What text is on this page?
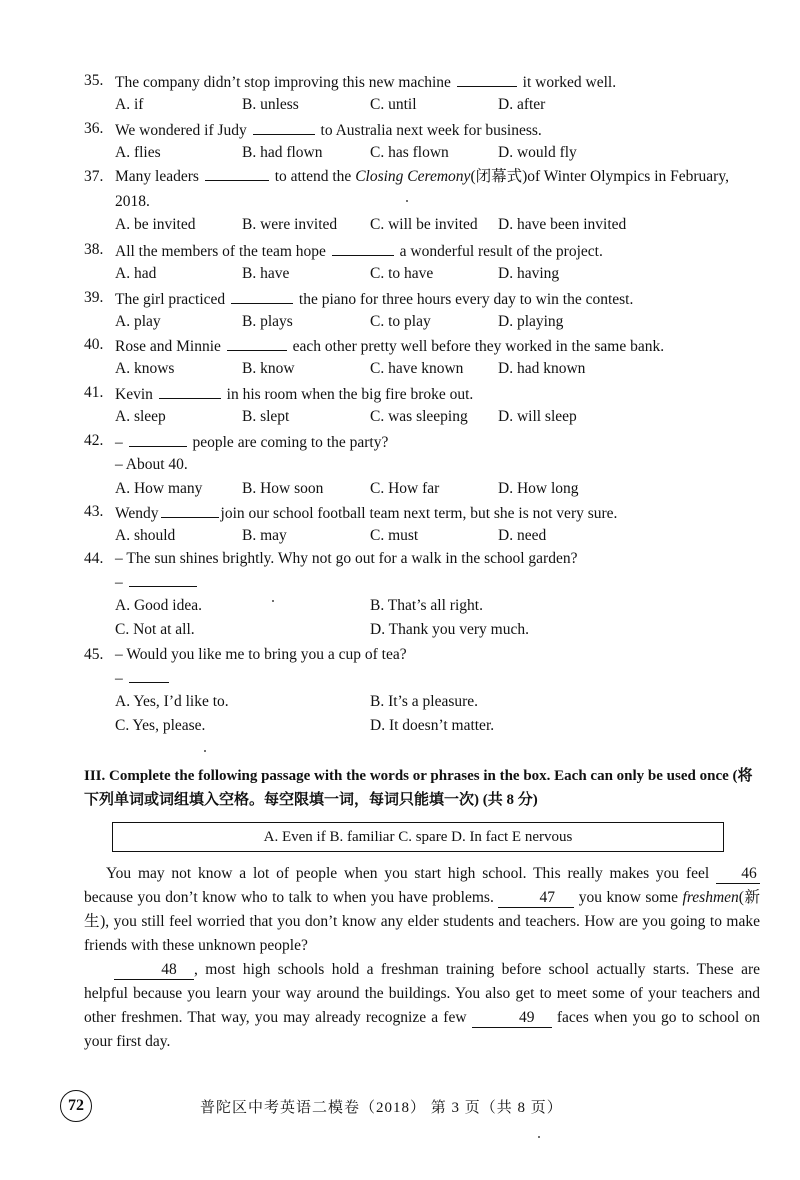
35. The company didn’t stop improving this new machine	it worked well.
A. if	B. unless	C. until	D. after
36. We wondered if Judy	to Australia next week for business.
A. flies	B. had flown	C. has flown	D. would fly
37. Many leaders	to attend the Closing Ceremony(闭幕式)of Winter Olympics in February, 2018.
A. be invited	B. were invited C. will be invited D. have been invited
38. All the members of the team hope	a wonderful result of the project.
A. had	B. have	C. to have	D. having
39. The girl practiced	the piano for three hours every day to win the contest.
A. play	B. plays	C. to play	D. playing
40. Rose and Minnie	each other pretty well before they worked in the same bank.
A. knows	B. know	C. have known D. had known
41. Kevin	in his room when the big fire broke out.
A. sleep	B. slept	C. was sleeping D. will sleep
42. –	people are coming to the party?
– About 40.
A. How many	B. How soon	C. How far	D. How long
43. Wendy	join our school football team next term, but she is not very sure.
A. should	B. may	C. must	D. need
44. – The sun shines brightly. Why not go out for a walk in the school garden?
–
A. Good idea.	B. That’s all right.
C. Not at all.	D. Thank you very much.
45. – Would you like me to bring you a cup of tea?
–
A. Yes, I’d like to.	B. It’s a pleasure.
C. Yes, please.	D. It doesn’t matter.
III. Complete the following passage with the words or phrases in the box. Each can only be used once (将下列单词或词组填入空格。每空限填一词，每词只能填一次) (共 8 分)
A. Even if B. familiar C. spare D. In fact E nervous
You may not know a lot of people when you start high school. This really makes you feel 46 because you don’t know who to talk to when you have problems.	47 you know some freshmen(新生), you still feel worried that you don’t know any elder students and teachers. How are you going to make friends with these unknown people?
48 , most high schools hold a freshman training before school actually starts. These are helpful because you learn your way around the buildings. You also get to meet some of your teachers and other freshmen. That way, you may already recognize a few	49 faces when you go to school on your first day.
72	普陀区中考英语二模卷（2018） 第 3 页（共 8 页）
